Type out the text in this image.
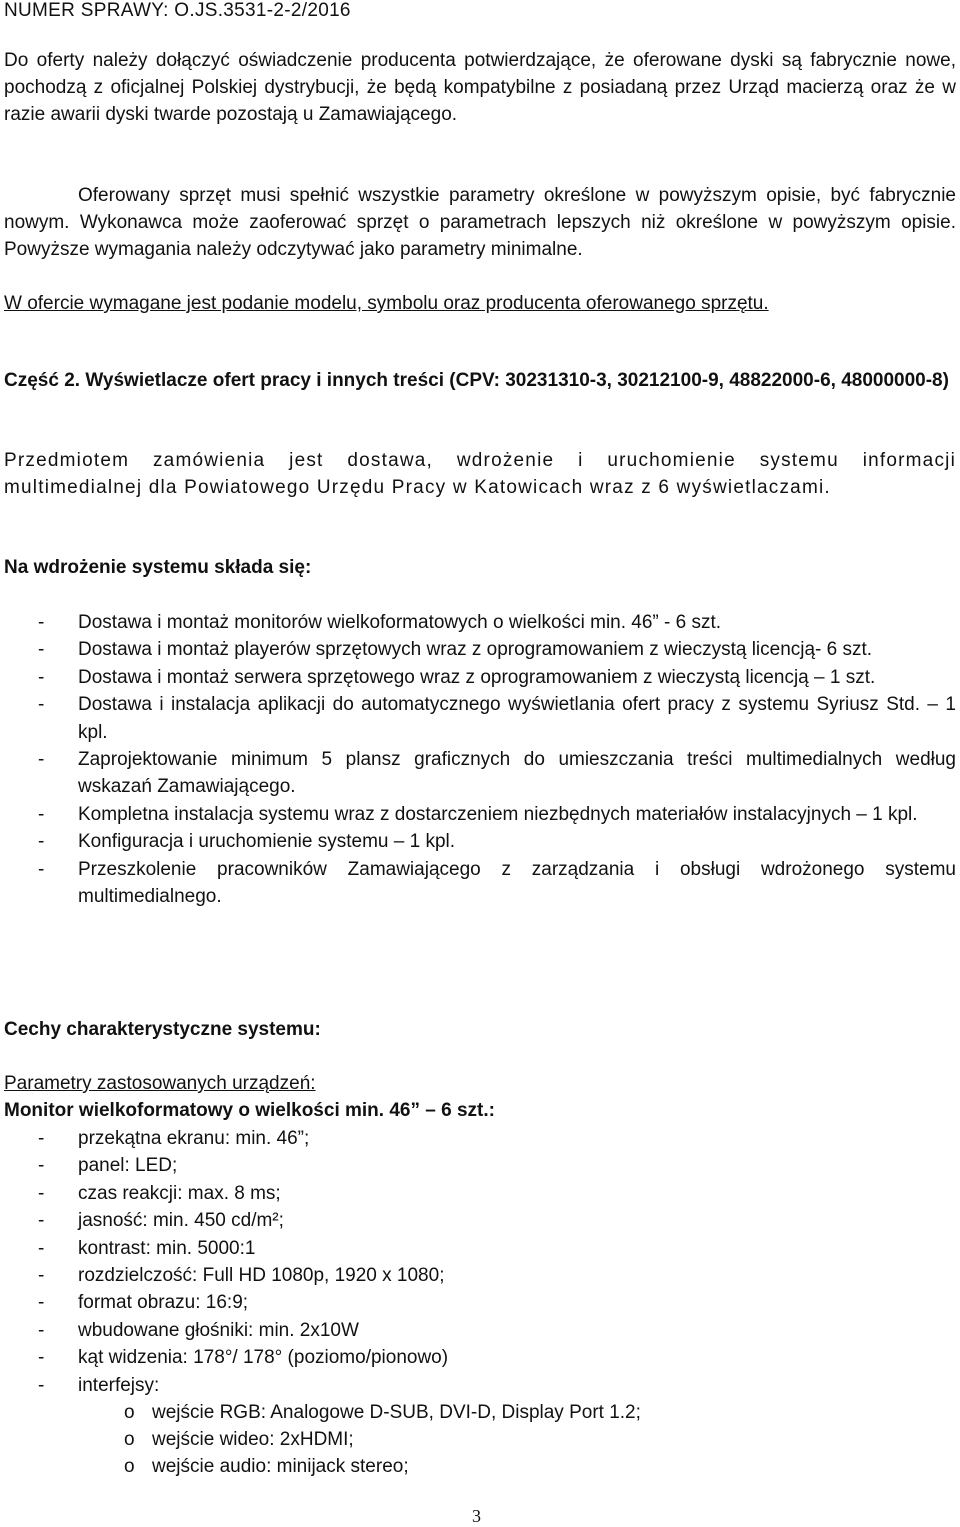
NUMER SPRAWY: O.JS.3531-2-2/2016
Do oferty należy dołączyć oświadczenie producenta potwierdzające, że oferowane dyski są fabrycznie nowe, pochodzą z oficjalnej Polskiej dystrybucji, że będą kompatybilne z posiadaną przez Urząd macierzą oraz że w razie awarii dyski twarde pozostają u Zamawiającego.
Oferowany sprzęt musi spełnić wszystkie parametry określone w powyższym opisie, być fabrycznie nowym. Wykonawca może zaoferować sprzęt o parametrach lepszych niż określone w powyższym opisie. Powyższe wymagania należy odczytywać jako parametry minimalne.
W ofercie wymagane jest podanie modelu, symbolu oraz producenta oferowanego sprzętu.
Część 2. Wyświetlacze ofert pracy i innych treści (CPV: 30231310-3, 30212100-9, 48822000-6, 48000000-8)
Przedmiotem zamówienia jest dostawa, wdrożenie i uruchomienie systemu informacji multimedialnej dla Powiatowego Urzędu Pracy w Katowicach wraz z 6 wyświetlaczami.
Na wdrożenie systemu składa się:
- Dostawa i montaż monitorów wielkoformatowych o wielkości min. 46” - 6 szt.
- Dostawa i montaż playerów sprzętowych wraz z oprogramowaniem z wieczystą licencją- 6 szt.
- Dostawa i montaż serwera sprzętowego wraz z oprogramowaniem z wieczystą licencją – 1 szt.
- Dostawa i instalacja aplikacji do automatycznego wyświetlania ofert pracy z systemu Syriusz Std. – 1 kpl.
- Zaprojektowanie minimum 5 plansz graficznych do umieszczania treści multimedialnych według wskazań Zamawiającego.
- Kompletna instalacja systemu wraz z dostarczeniem niezbędnych materiałów instalacyjnych – 1 kpl.
- Konfiguracja i uruchomienie systemu – 1 kpl.
- Przeszkolenie pracowników Zamawiającego z zarządzania i obsługi wdrożonego systemu multimedialnego.
Cechy charakterystyczne systemu:
Parametry zastosowanych urządzeń:
Monitor wielkoformatowy o wielkości min. 46” – 6 szt.:
- przekątna ekranu: min. 46”;
- panel: LED;
- czas reakcji: max. 8 ms;
- jasność: min. 450 cd/m²;
- kontrast: min. 5000:1
- rozdzielczość: Full HD 1080p, 1920 x 1080;
- format obrazu: 16:9;
- wbudowane głośniki: min. 2x10W
- kąt widzenia: 178°/ 178° (poziomo/pionowo)
- interfejsy:
o wejście RGB: Analogowe D-SUB, DVI-D, Display Port 1.2;
o wejście wideo: 2xHDMI;
o wejście audio: minijack stereo;
3
